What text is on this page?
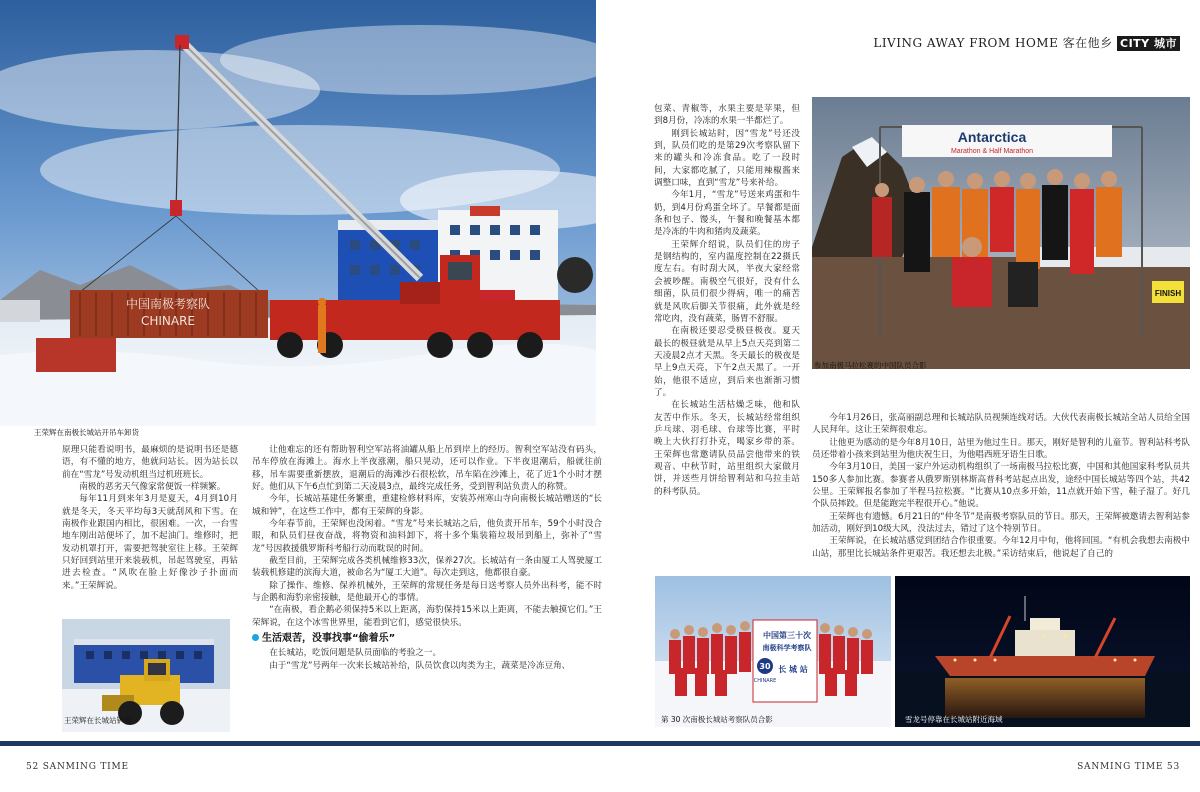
LIVING AWAY FROM HOME 客在他乡 CITY 城市
中国南极考察队
CHINARE
王荣辉在南极长城站开吊车卸货
Antarctica
Marathon & Half Marathon
FINISH
参加南极马拉松赛的中国队员合影
王荣辉在长城站铲雪
中国第三十次
南极科学考察队
长 城 站
30
CHINARE
第 30 次南极长城站考察队员合影	雪龙号停靠在长城站附近海域

原理只能看说明书，最麻烦的是说明书还是德语，有不懂的地方，他就问站长。因为站长以前在“雪龙”号发动机组当过机班班长。

南极的恶劣天气像家常便饭一样频繁。

每年11月到来年3月是夏天，4月到10月就是冬天，冬天平均每3天就刮风和下雪。在南极作业跟国内相比，很困难。一次，一台雪地车刚出站便坏了，加不起油门。维修时，把发动机罩打开，需要把驾驶室往上移。王荣辉只好回到站里开来装载机，吊起驾驶室，再钻进去检查。“风吹在脸上好像沙子扑面而来。”王荣辉说。

让他难忘的还有帮助智利空军站将油罐从船上吊到岸上的经历。智利空军站没有码头，吊车停放在海滩上。海水上半夜涨潮，船只晃动，还可以作业。下半夜退潮后，船就往前移，吊车需要重新摆放，退潮后的海滩沙石很松软，吊车陷在沙滩上，花了近1个小时才摆好。他们从下午6点忙到第二天凌晨3点，最终完成任务，受到智利站负责人的称赞。

今年，长城站基建任务繁重，重建检修材料库，安装苏州寒山寺向南极长城站赠送的“长城和钟”，在这些工作中，都有王荣辉的身影。

今年春节前，王荣辉也没闲着。“雪龙”号来长城站之后，他负责开吊车，59个小时没合眼，和队员们昼夜奋战，将物资和油料卸下，将十多个集装箱垃圾吊到船上，弥补了“雪龙”号因救援俄罗斯科考船行动而耽误的时间。

截至目前，王荣辉完成各类机械维修33次，保养27次。长城站有一条由厦工人驾驶厦工装载机修建的滨海大道，被命名为“厦工大道”。每次走到这，他都很自豪。

除了操作、维修、保养机械外，王荣辉的常规任务是每日送考察人员外出科考，能不时与企鹅和海豹亲密接触，是他最开心的事情。

“在南极，看企鹅必须保持5米以上距离，海豹保持15米以上距离，不能去触摸它们。”王荣辉说，在这个冰雪世界里，能看到它们，感觉很快乐。

生活艰苦，没事找事“偷着乐”

在长城站，吃饭问题是队员面临的考验之一。

由于“雪龙”号两年一次来长城站补给，队员饮食以肉类为主，蔬菜是冷冻豆角、

包菜、青椒等，水果主要是苹果，但到8月份，冷冻的水果一半都烂了。

刚到长城站时，因“雪龙”号还没到，队员们吃的是第29次考察队留下来的罐头和冷冻食品。吃了一段时间，大家都吃腻了，只能用辣椒酱来调整口味，直到“雪龙”号来补给。

今年1月，“雪龙”号送来鸡蛋和牛奶，到4月份鸡蛋全坏了。早餐都是面条和包子、馒头，午餐和晚餐基本都是冷冻的牛肉和猪肉及蔬菜。

王荣辉介绍说，队员们住的房子是钢结构的，室内温度控制在22摄氏度左右。有时刮大风，半夜大家经常会被吵醒。南极空气很好，没有什么细菌，队员们很少得病，唯一的痛苦就是风吹后脚关节很痛，此外就是经常吃肉，没有蔬菜，肠胃不舒服。

在南极还要忍受极昼极夜。夏天最长的极昼就是从早上5点天亮到第二天凌晨2点才天黑。冬天最长的极夜是早上9点天亮，下午2点天黑了。一开始，他很不适应，到后来也渐渐习惯了。

在长城站生活枯燥乏味，他和队友苦中作乐。冬天，长城站经常组织乒乓球、羽毛球、台球等比赛，平时晚上大伙打打扑克，喝家乡带的茶。王荣辉也常邀请队员品尝他带来的铁观音、中秋节时，站里组织大家做月饼，并送些月饼给智利站和乌拉圭站的科考队员。

今年1月26日，张高丽副总理和长城站队员视频连线对话。大伙代表南极长城站全站人员给全国人民拜年。这让王荣辉很难忘。

让他更为感动的是今年8月10日，站里为他过生日。那天，刚好是智利的儿童节。智利站科考队员还带着小孩来到站里为他庆祝生日，为他唱西班牙语生日歌。

今年3月10日，美国一家户外运动机构组织了一场南极马拉松比赛，中国和其他国家科考队员共150多人参加比赛。参赛者从俄罗斯别林斯高普科考站起点出发，途经中国长城站等四个站，共42公里。王荣辉报名参加了半程马拉松赛。“比赛从10点多开始，11点就开始下雪，鞋子湿了。好几个队员摔跤。但是能跑完半程很开心。”他说。

王荣辉也有遗憾。6月21日的“仲冬节”是南极考察队员的节日。那天，王荣辉被邀请去智利站参加活动，刚好到10级大风，没法过去，错过了这个特别节日。

王荣辉说，在长城站感觉到团结合作很重要。今年12月中旬，他将回国。“有机会我想去南极中山站，那里比长城站条件更艰苦。我还想去北极。”采访结束后，他说起了自己的

52 SANMING TIME	SANMING TIME 53
